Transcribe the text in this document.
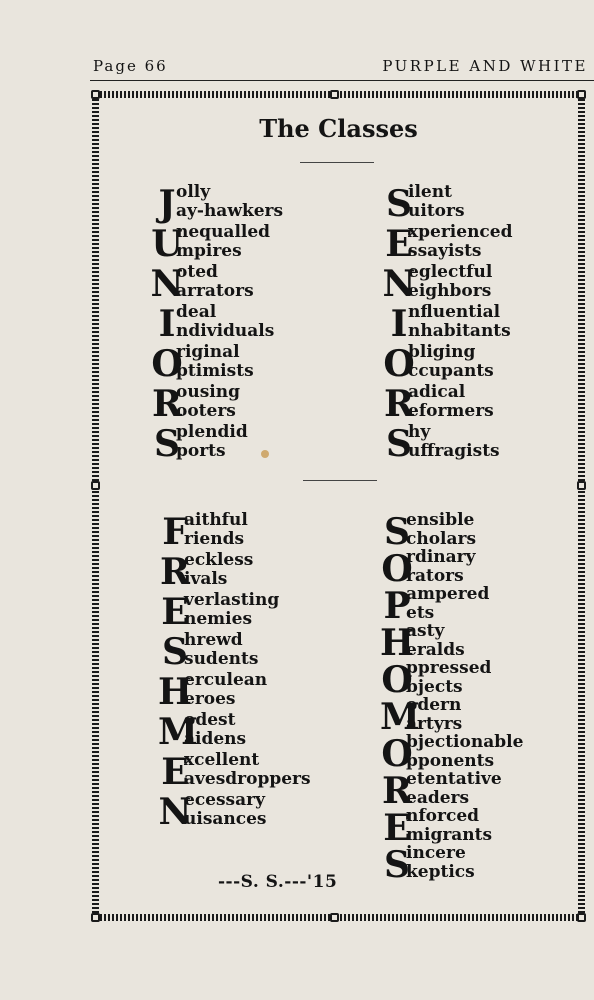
Page 66	PURPLE AND WHITE
The Classes
J olly
ay-hawkers
U
nequalled
mpires
N
oted
arrators
I deal
ndividuals
O
riginal
ptimists
R
ousing
ooters
S
plendid
ports
S
ilent
uitors
E
xperienced
ssayists
N
eglectful
eighbors
I nfluential
nhabitants
O
bliging
ccupants
R
adical
eformers
S
hy
uffragists
F
aithful
riends
R
eckless
ivals
E
verlasting
nemies
S
hrewd
sudents
H
erculean
eroes
M
odest
aidens
E
xcellent
avesdroppers
N
ecessary
uisances
S
ensible
cholars
O
rdinary
rators
P
ampered
ets
H
asty
eralds
O
ppressed
bjects
M
odern
artyrs
O
bjectionable
pponents
R
etentative
eaders
E
nforced
migrants
S
incere
keptics
---S. S.---'15
